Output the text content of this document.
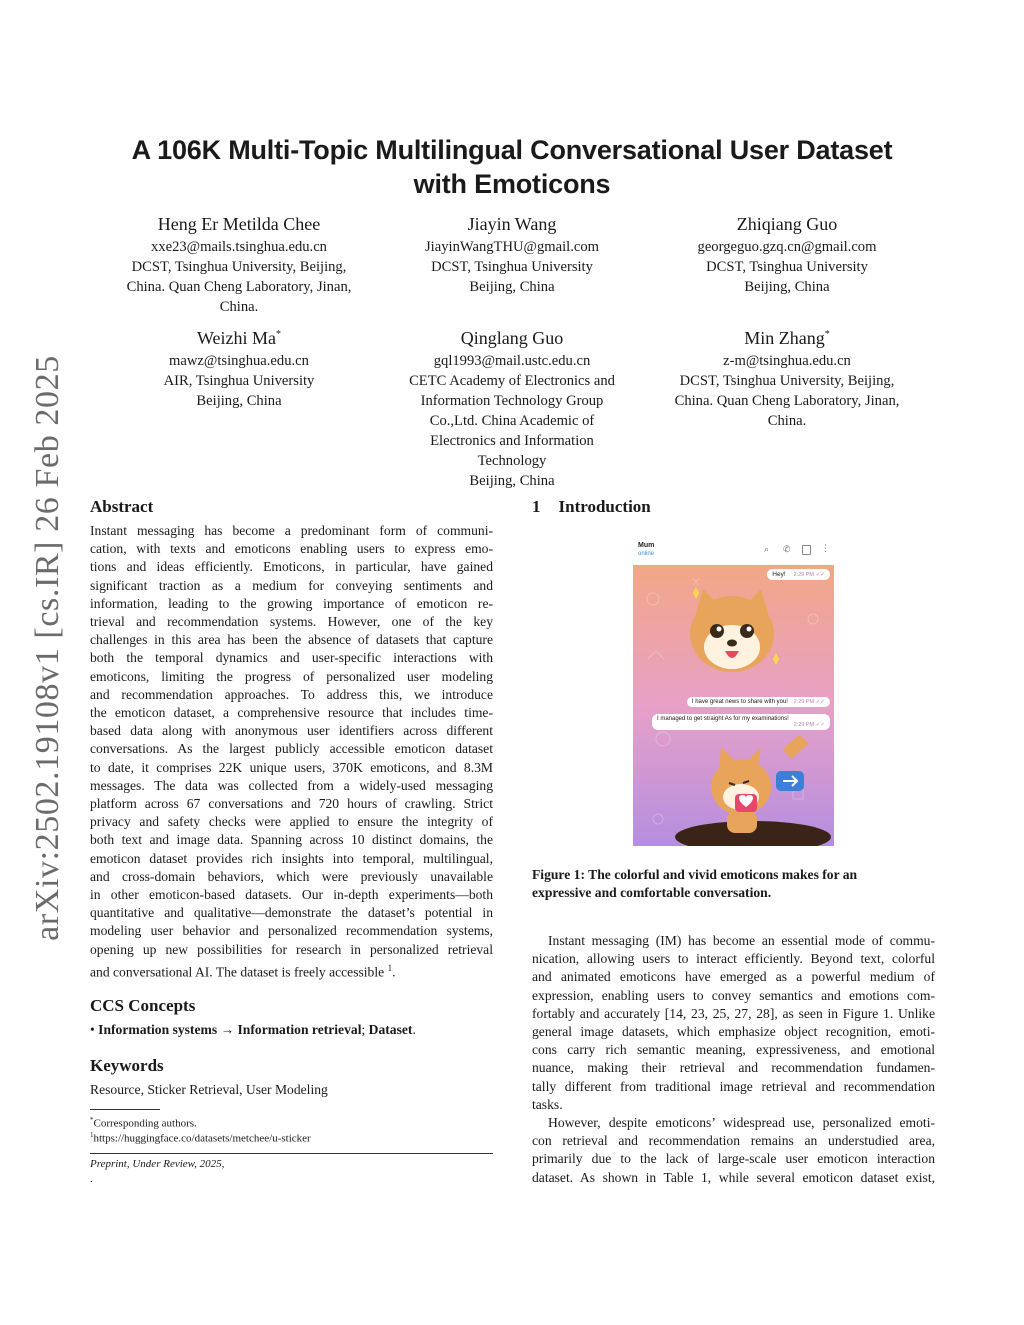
arXiv:2502.19108v1 [cs.IR] 26 Feb 2025
A 106K Multi-Topic Multilingual Conversational User Dataset
with Emoticons
Heng Er Metilda Chee
xxe23@mails.tsinghua.edu.cn
DCST, Tsinghua University, Beijing,
China. Quan Cheng Laboratory, Jinan,
China.
Jiayin Wang
JiayinWangTHU@gmail.com
DCST, Tsinghua University
Beijing, China
Zhiqiang Guo
georgeguo.gzq.cn@gmail.com
DCST, Tsinghua University
Beijing, China
Weizhi Ma*
mawz@tsinghua.edu.cn
AIR, Tsinghua University
Beijing, China
Qinglang Guo
gql1993@mail.ustc.edu.cn
CETC Academy of Electronics and
Information Technology Group
Co.,Ltd. China Academic of
Electronics and Information
Technology
Beijing, China
Min Zhang*
z-m@tsinghua.edu.cn
DCST, Tsinghua University, Beijing,
China. Quan Cheng Laboratory, Jinan,
China.
Abstract
Instant messaging has become a predominant form of communi-
cation, with texts and emoticons enabling users to express emo-
tions and ideas efficiently. Emoticons, in particular, have gained
significant traction as a medium for conveying sentiments and
information, leading to the growing importance of emoticon re-
trieval and recommendation systems. However, one of the key
challenges in this area has been the absence of datasets that capture
both the temporal dynamics and user-specific interactions with
emoticons, limiting the progress of personalized user modeling
and recommendation approaches. To address this, we introduce
the emoticon dataset, a comprehensive resource that includes time-
based data along with anonymous user identifiers across different
conversations. As the largest publicly accessible emoticon dataset
to date, it comprises 22K unique users, 370K emoticons, and 8.3M
messages. The data was collected from a widely-used messaging
platform across 67 conversations and 720 hours of crawling. Strict
privacy and safety checks were applied to ensure the integrity of
both text and image data. Spanning across 10 distinct domains, the
emoticon dataset provides rich insights into temporal, multilingual,
and cross-domain behaviors, which were previously unavailable
in other emoticon-based datasets. Our in-depth experiments—both
quantitative and qualitative—demonstrate the dataset’s potential in
modeling user behavior and personalized recommendation systems,
opening up new possibilities for research in personalized retrieval
and conversational AI. The dataset is freely accessible $^1$.
CCS Concepts
• Information systems → Information retrieval; Dataset.
Keywords
Resource, Sticker Retrieval, User Modeling
*Corresponding authors.
$^1$https://huggingface.co/datasets/metchee/u-sticker
Preprint, Under Review, 2025,
.
1 Introduction
Mum
online	⌕ ✆	⋮
Hey! 2:29 PM ✓✓
I have great news to share with you! 2:29 PM ✓✓
I managed to get straight As for my examinations!
2:29 PM ✓✓
Figure 1: The colorful and vivid emoticons makes for an
expressive and comfortable conversation.
Instant messaging (IM) has become an essential mode of commu-
nication, allowing users to interact efficiently. Beyond text, colorful
and animated emoticons have emerged as a powerful medium of
expression, enabling users to convey semantics and emotions com-
fortably and accurately [14, 23, 25, 27, 28], as seen in Figure 1. Unlike
general image datasets, which emphasize object recognition, emoti-
cons carry rich semantic meaning, expressiveness, and emotional
nuance, making their retrieval and recommendation fundamen-
tally different from traditional image retrieval and recommendation
tasks.
However, despite emoticons’ widespread use, personalized emoti-
con retrieval and recommendation remains an understudied area,
primarily due to the lack of large-scale user emoticon interaction
dataset. As shown in Table 1, while several emoticon dataset exist,
